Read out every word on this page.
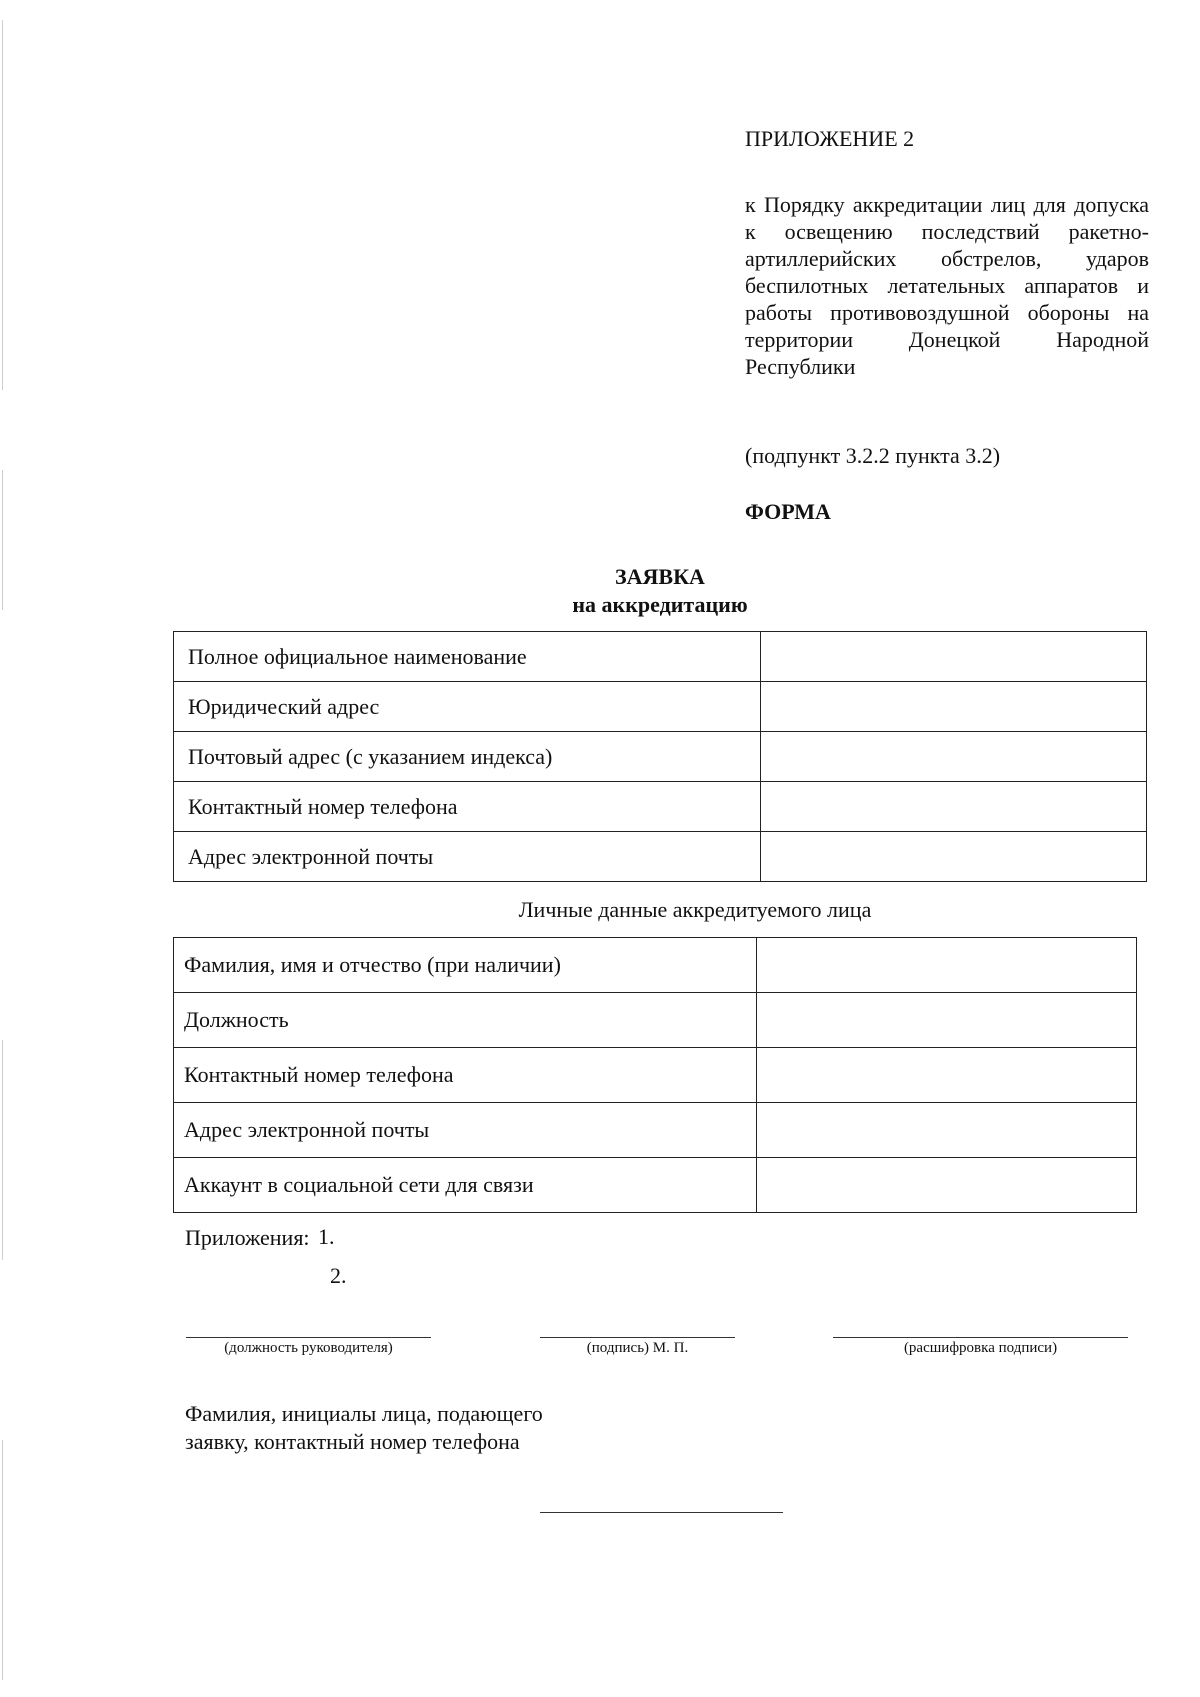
ПРИЛОЖЕНИЕ 2
к Порядку аккредитации лиц для допуска к освещению последствий ракетно-артиллерийских обстрелов, ударов беспилотных летательных аппаратов и работы противовоздушной обороны на территории Донецкой Народной Республики
(подпункт 3.2.2 пункта 3.2)
ФОРМА
ЗАЯВКА
на аккредитацию
Полное официальное наименование	
Юридический адрес	
Почтовый адрес (с указанием индекса)	
Контактный номер телефона	
Адрес электронной почты	
Личные данные аккредитуемого лица
Фамилия, имя и отчество (при наличии)	
Должность	
Контактный номер телефона	
Адрес электронной почты	
Аккаунт в социальной сети для связи	
Приложения: 1.
2.
(должность руководителя)	(подпись) М. П.	(расшифровка подписи)
Фамилия, инициалы лица, подающего заявку, контактный номер телефона
